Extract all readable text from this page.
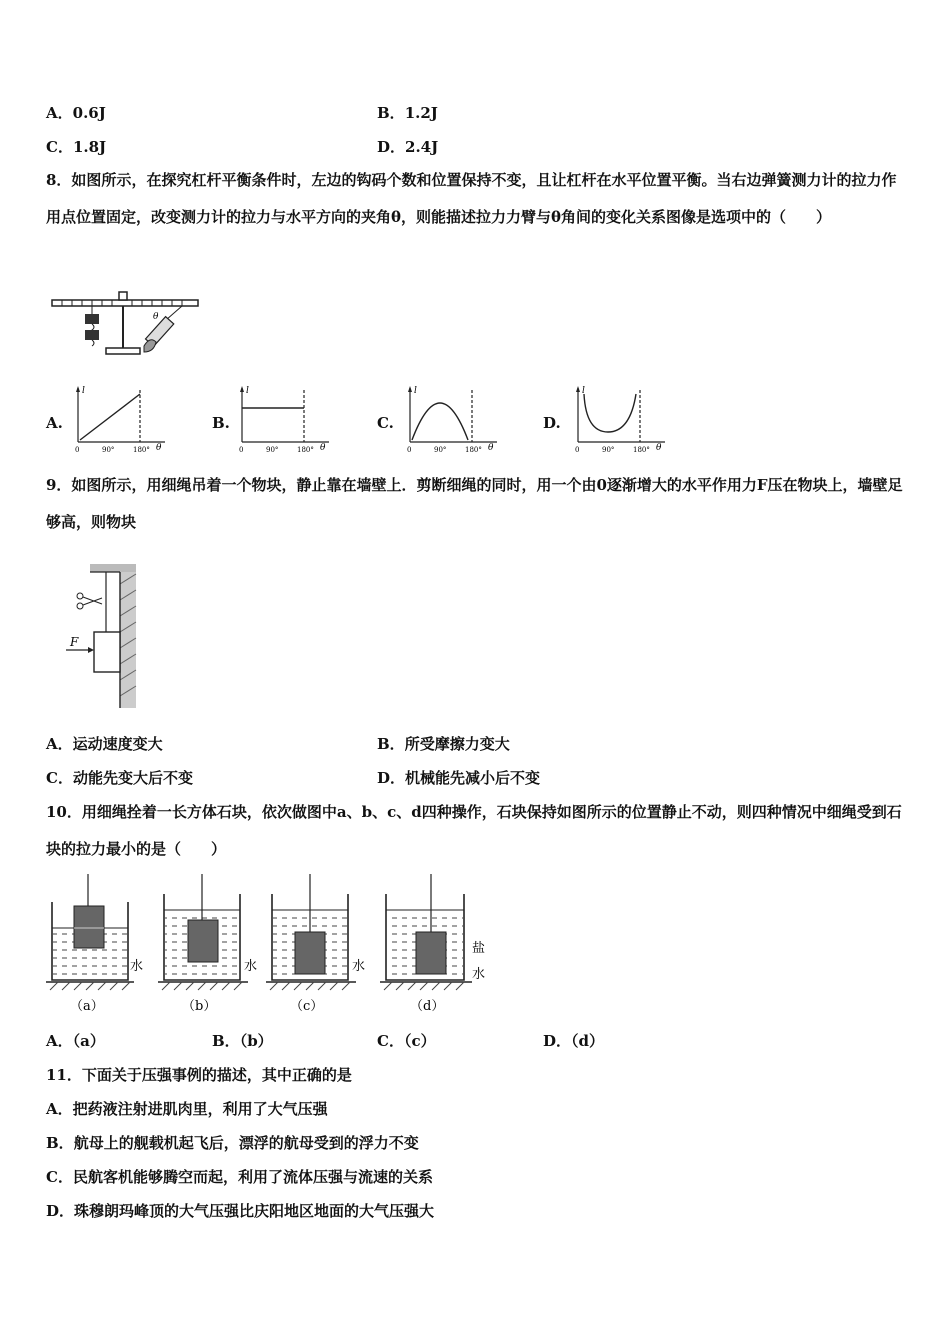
A．0.6J	B．1.2J
C．1.8J	D．2.4J
8．如图所示，在探究杠杆平衡条件时，左边的钩码个数和位置保持不变，且让杠杆在水平位置平衡。当右边弹簧测力计的拉力作用点位置固定，改变测力计的拉力与水平方向的夹角θ，则能描述拉力力臂与θ角间的变化关系图像是选项中的（　　）
θ
A.
l
0	90°	180° θ
B.
l
0	90°	180° θ
C.
l
0	90°	180° θ
D.
l
0	90°	180° θ
9．如图所示，用细绳吊着一个物块，静止靠在墙壁上．剪断细绳的同时，用一个由0逐渐增大的水平作用力F压在物块上，墙壁足够高，则物块
F
A．运动速度变大	B．所受摩擦力变大
C．动能先变大后不变	D．机械能先减小后不变
10．用细绳拴着一长方体石块，依次做图中a、b、c、d四种操作，石块保持如图所示的位置静止不动，则四种情况中细绳受到石块的拉力最小的是（　　）
水
（a）
水
（b）
水
（c）
盐
水
（d）
A．（a）	B．（b）	C．（c）	D．（d）
11．下面关于压强事例的描述，其中正确的是
A．把药液注射进肌肉里，利用了大气压强
B．航母上的舰载机起飞后，漂浮的航母受到的浮力不变
C．民航客机能够腾空而起，利用了流体压强与流速的关系
D．珠穆朗玛峰顶的大气压强比庆阳地区地面的大气压强大
